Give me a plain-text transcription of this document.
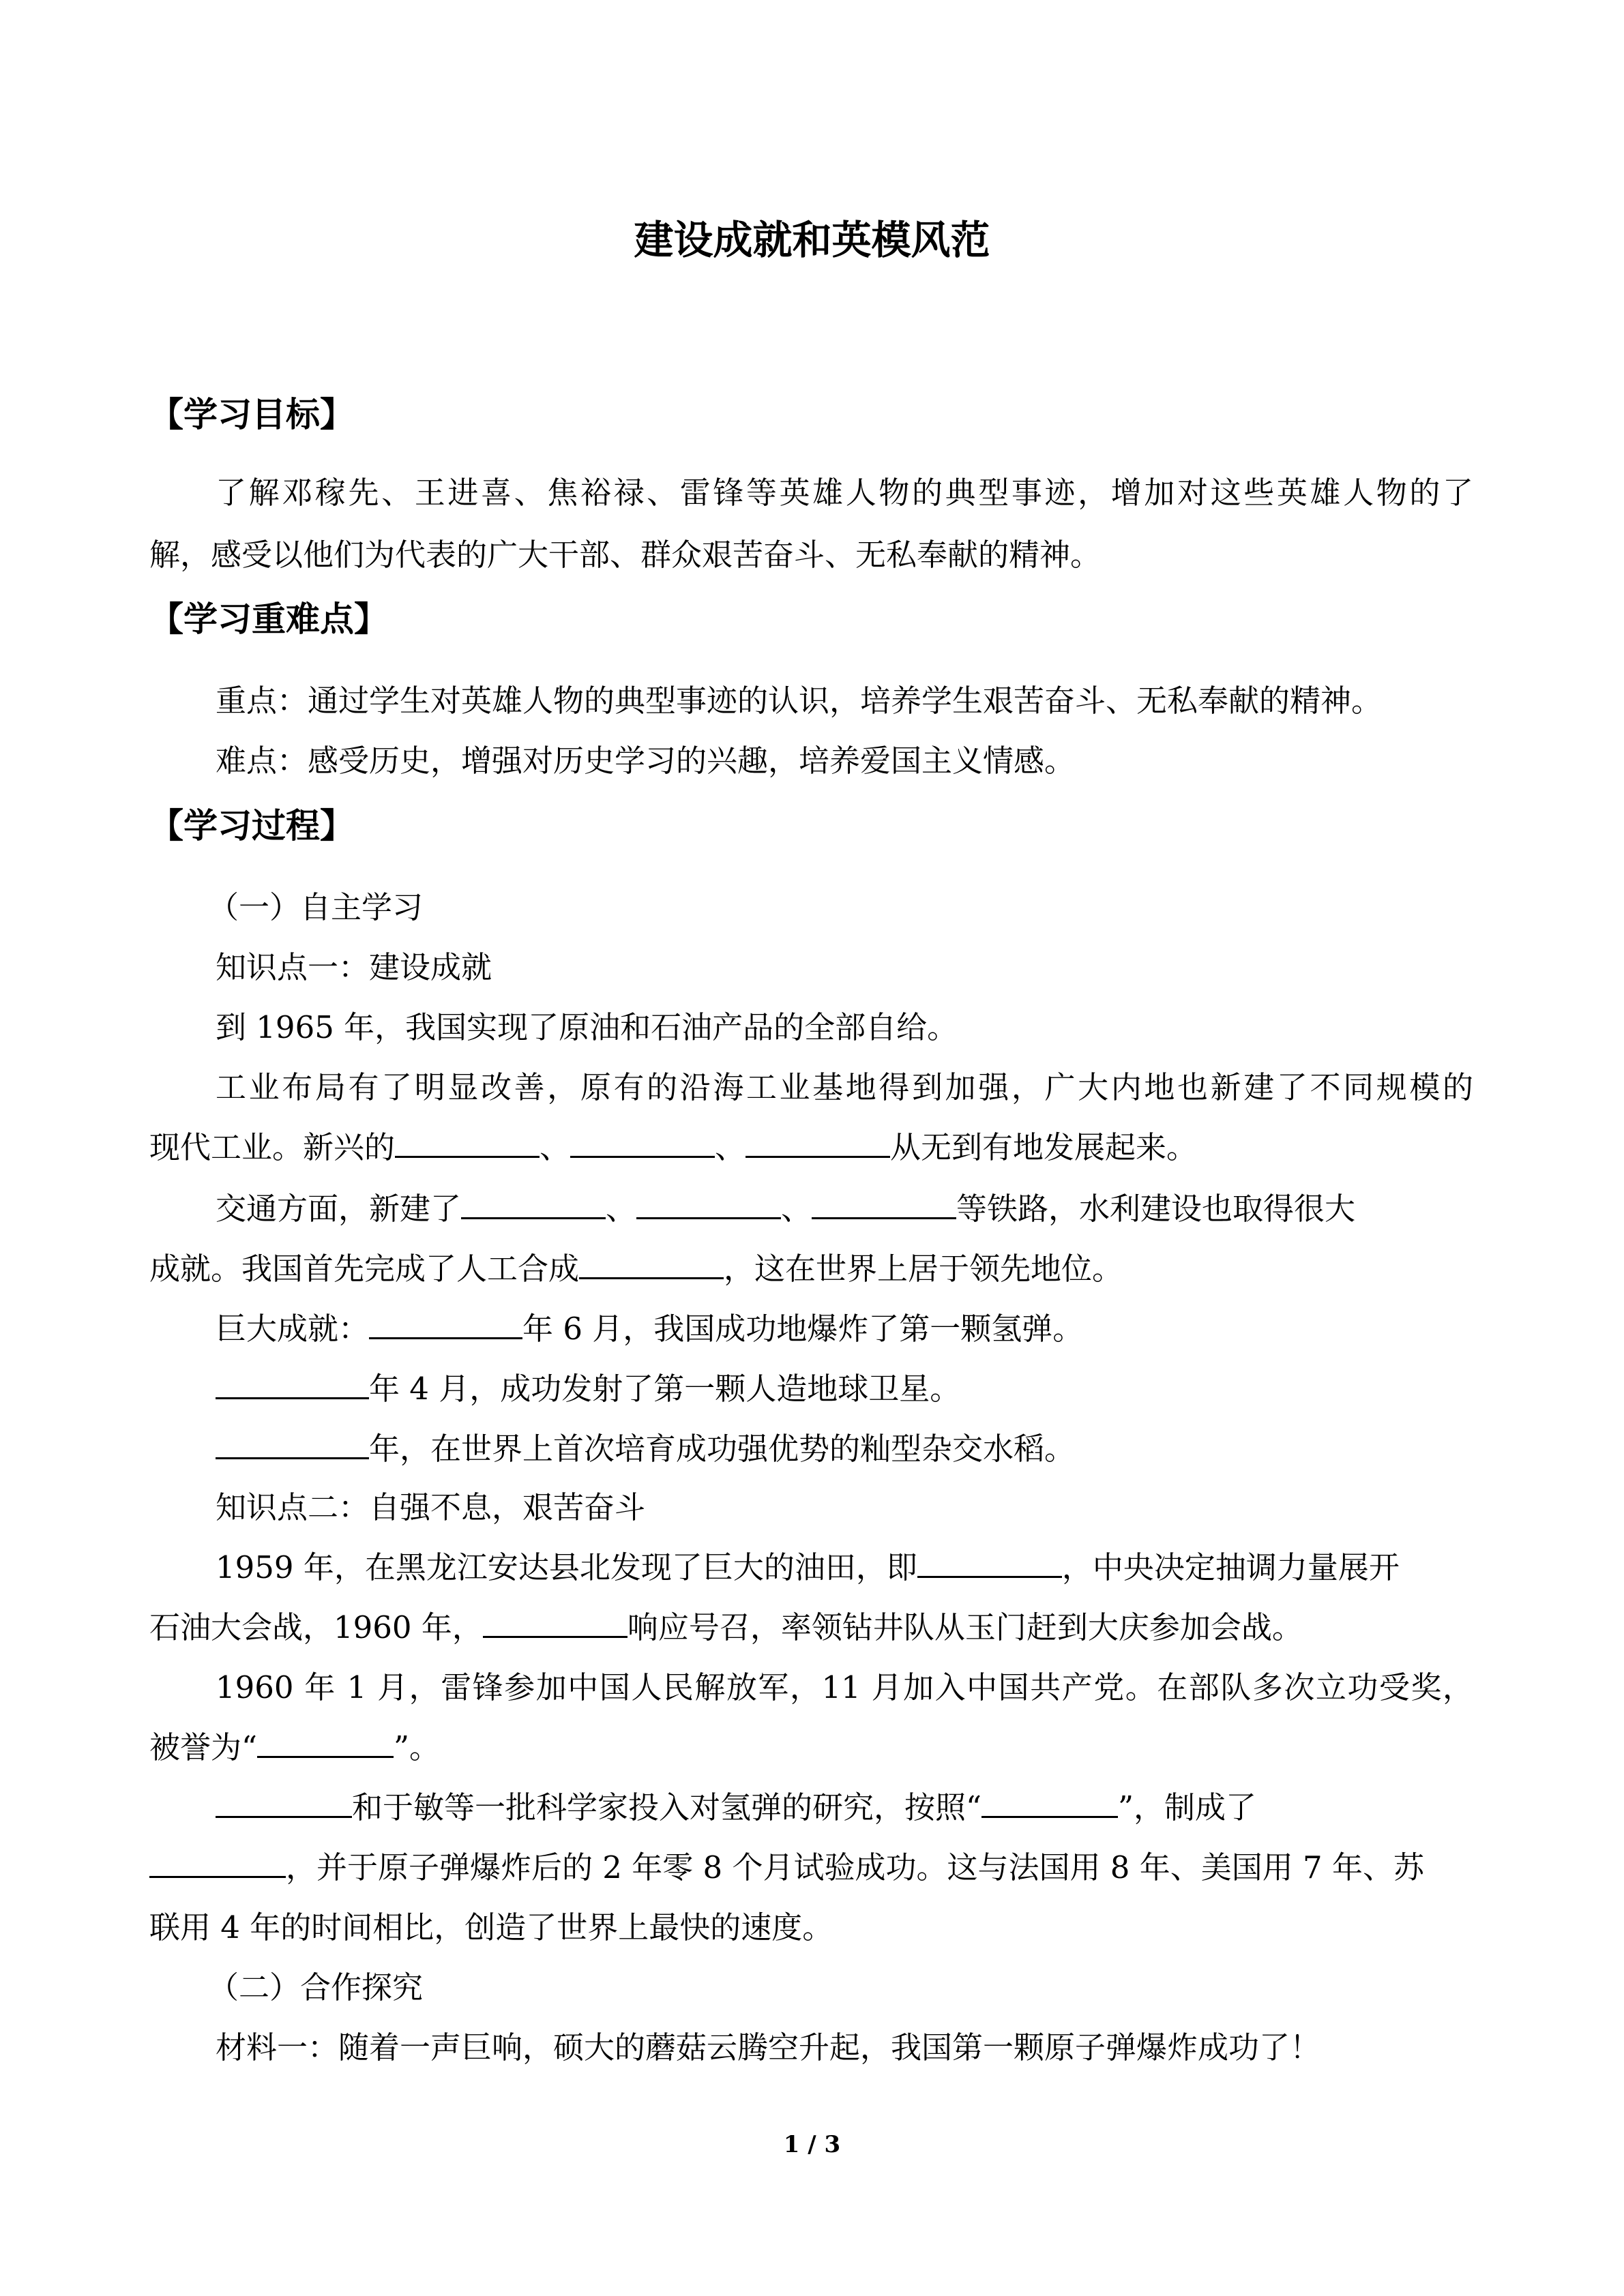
建设成就和英模风范
【学习目标】
了解邓稼先、王进喜、焦裕禄、雷锋等英雄人物的典型事迹，增加对这些英雄人物的了
解，感受以他们为代表的广大干部、群众艰苦奋斗、无私奉献的精神。
【学习重难点】
重点：通过学生对英雄人物的典型事迹的认识，培养学生艰苦奋斗、无私奉献的精神。
难点：感受历史，增强对历史学习的兴趣，培养爱国主义情感。
【学习过程】
（一）自主学习
知识点一：建设成就
到 1965 年，我国实现了原油和石油产品的全部自给。
工业布局有了明显改善，原有的沿海工业基地得到加强，广大内地也新建了不同规模的
现代工业。新兴的	、	、	从无到有地发展起来。
交通方面，新建了	、	、	等铁路，水利建设也取得很大
成就。我国首先完成了人工合成	，这在世界上居于领先地位。
巨大成就：	年 6 月，我国成功地爆炸了第一颗氢弹。
年 4 月，成功发射了第一颗人造地球卫星。
年，在世界上首次培育成功强优势的籼型杂交水稻。
知识点二：自强不息，艰苦奋斗
1959 年，在黑龙江安达县北发现了巨大的油田，即	，中央决定抽调力量展开
石油大会战，1960 年，	响应号召，率领钻井队从玉门赶到大庆参加会战。
1960 年 1 月，雷锋参加中国人民解放军，11 月加入中国共产党。在部队多次立功受奖，
被誉为“	”。
和于敏等一批科学家投入对氢弹的研究，按照“	”，制成了
，并于原子弹爆炸后的 2 年零 8 个月试验成功。这与法国用 8 年、美国用 7 年、苏
联用 4 年的时间相比，创造了世界上最快的速度。
（二）合作探究
材料一：随着一声巨响，硕大的蘑菇云腾空升起，我国第一颗原子弹爆炸成功了！
1 / 3
